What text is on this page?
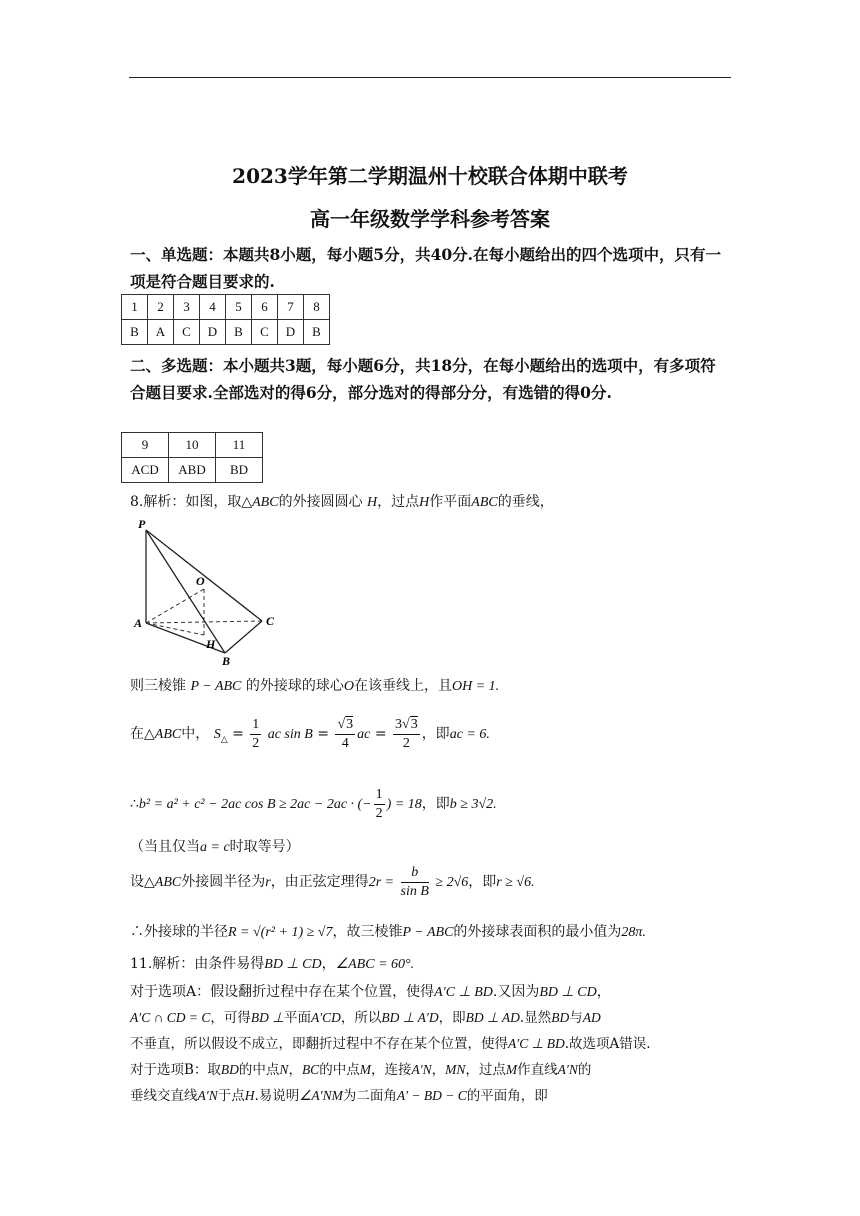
2023学年第二学期温州十校联合体期中联考
高一年级数学学科参考答案
一、单选题：本题共8小题，每小题5分，共40分.在每小题给出的四个选项中，只有一项是符合题目要求的.
1	2	3	4	5	6	7	8
B	A	C	D	B	C	D	B
二、多选题：本小题共3题，每小题6分，共18分，在每小题给出的选项中，有多项符合题目要求.全部选对的得6分，部分选对的得部分分，有选错的得0分.
9	10	11
ACD	ABD	BD
8.解析：如图，取△ABC的外接圆圆心 H，过点H作平面ABC的垂线，
P
O
A	C
H
B
则三棱锥 P − ABC 的外接球的球心O在该垂线上，且OH = 1.
在△ABC中， $S_\triangle = \frac{1}{2}$ ac $\sin B = \frac{√3}{4}$ ac = $\frac{3√3}{2}$ ，即ac = 6.
∴b² = a² + c² − 2ac cos B ≥ 2ac − 2ac · (− $\frac{1}{2}$ ) = 18，即b ≥ 3√2.
（当且仅当a = c时取等号）
设△ABC外接圆半径为r，由正弦定理得$2r = \frac{b}{\text{sin B}} \ge 2√6$，即r ≥ √6.
∴外接球的半径R = √(r² + 1) ≥ √7，故三棱锥P − ABC的外接球表面积的最小值为28π.
11.解析：由条件易得BD ⊥ CD，∠ABC = 60°.
对于选项A：假设翻折过程中存在某个位置，使得A′C ⊥ BD.又因为BD ⊥ CD，
A′C ∩ CD = C，可得BD ⊥平面A′CD，所以BD ⊥ A′D，即BD ⊥ AD.显然BD与AD
不垂直，所以假设不成立，即翻折过程中不存在某个位置，使得A′C ⊥ BD.故选项A错误.
对于选项B：取BD的中点N，BC的中点M，连接A′N，MN，过点M作直线A′N的
垂线交直线A′N于点H.易说明∠A′NM为二面角A′ − BD − C的平面角，即
